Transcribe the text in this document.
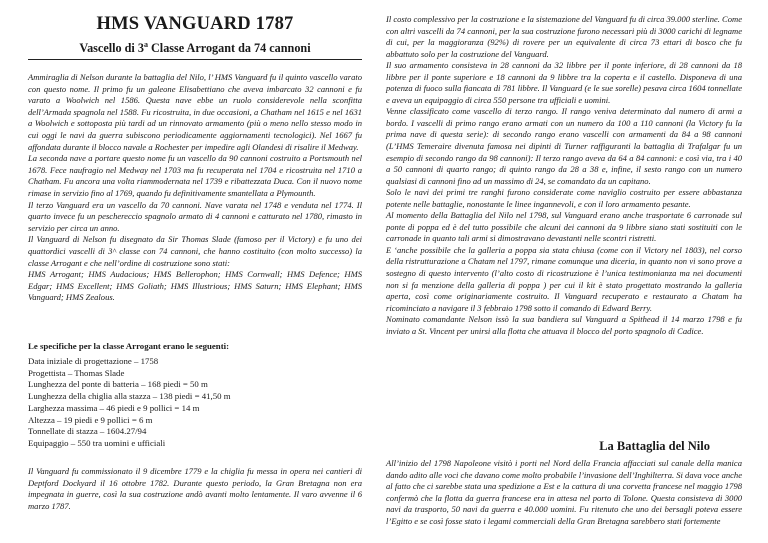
HMS VANGUARD 1787
Vascello di 3$^a$ Classe Arrogant da 74 cannoni

Ammiraglia di Nelson durante la battaglia del Nilo, l’ HMS Vanguard fu il quinto vascello varato con questo nome. Il primo fu un galeone Elisabettiano che aveva imbarcato 32 cannoni e fu varato a Woolwich nel 1586. Questa nave ebbe un ruolo considerevole nella sconfitta dell’Armada spagnola nel 1588. Fu ricostruita, in due occasioni, a Chatham nel 1615 e nel 1631 a Woolwich e sottoposta più tardi ad un rinnovato armamento (più o meno nello stesso modo in cui oggi le navi da guerra subiscono periodicamente aggiornamenti tecnologici). Nel 1667 fu affondata durante il blocco navale a Rochester per impedire agli Olandesi di risalire il Medway.

La seconda nave a portare questo nome fu un vascello da 90 cannoni costruito a Portsmouth nel 1678. Fece naufragio nel Medway nel 1703 ma fu recuperata nel 1704 e ricostruita nel 1710 a Chatham. Fu ancora una volta riammodernata nel 1739 e ribattezzata Duca. Con il nuovo nome rimase in servizio fino al 1769, quando fu definitivamente smantellata a Plymounth.

Il terzo Vanguard era un vascello da 70 cannoni. Nave varata nel 1748 e venduta nel 1774. Il quarto invece fu un peschereccio spagnolo armato di 4 cannoni e catturato nel 1780, rimasto in servizio per circa un anno.

Il Vanguard di Nelson fu disegnato da Sir Thomas Slade (famoso per il Victory) e fu uno dei quattordici vascelli di 3^ classe con 74 cannoni, che hanno costituito (con molto successo) la classe Arrogant e che nell’ordine di costruzione sono stati:

HMS Arrogant; HMS Audacious; HMS Bellerophon; HMS Cornwall; HMS Defence; HMS Edgar; HMS Excellent; HMS Goliath; HMS Illustrious; HMS Saturn; HMS Elephant; HMS Vanguard; HMS Zealous.

Le specifiche per la classe Arrogant erano le seguenti:
Data iniziale di progettazione – 1758
Progettista – Thomas Slade
Lunghezza del ponte di batteria – 168 piedi = 50 m
Lunghezza della chiglia alla stazza – 138 piedi = 41,50 m
Larghezza massima – 46 piedi e 9 pollici = 14 m
Altezza – 19 piedi e 9 pollici = 6 m
Tonnellate di stazza – 1604.27/94
Equipaggio – 550 tra uomini e ufficiali

Il Vanguard fu commissionato il 9 dicembre 1779 e la chiglia fu messa in opera nei cantieri di Deptford Dockyard il 16 ottobre 1782. Durante questo periodo, la Gran Bretagna non era impegnata in guerre, così la sua costruzione andò avanti molto lentamente. Il varo avvenne il 6 marzo 1787.

Il costo complessivo per la costruzione e la sistemazione del Vanguard fu di circa 39.000 sterline. Come con altri vascelli da 74 cannoni, per la sua costruzione furono necessari più di 3000 carichi di legname di cui, per la maggioranza (92%) di rovere per un equivalente di circa 73 ettari di bosco che fu abbattuto solo per la costruzione del Vanguard.

Il suo armamento consisteva in 28 cannoni da 32 libbre per il ponte inferiore, di 28 cannoni da 18 libbre per il ponte superiore e 18 cannoni da 9 libbre tra la coperta e il castello. Disponeva di una potenza di fuoco sulla fiancata di 781 libbre. Il Vanguard (e le sue sorelle) pesava circa 1604 tonnellate e aveva un equipaggio di circa 550 persone tra ufficiali e uomini.

Venne classificato come vascello di terzo rango. Il rango veniva determinato dal numero di armi a bordo. I vascelli di primo rango erano armati con un numero da 100 a 110 cannoni (la Victory fu la prima nave di questa serie): di secondo rango erano vascelli con armamenti da 84 a 98 cannoni (L’HMS Temeraire divenuta famosa nei dipinti di Turner raffiguranti la battaglia di Trafalgar fu un esempio di secondo rango da 98 cannoni): Il terzo rango aveva da 64 a 84 cannoni: e così via, tra i 40 a 50 cannoni di quarto rango; di quinto rango da 28 a 38 e, infine, il sesto rango con un numero qualsiasi di cannoni fino ad un massimo di 24, se comandato da un capitano.

Solo le navi dei primi tre ranghi furono considerate come naviglio costruito per essere abbastanza potente nelle battaglie, nonostante le linee ingannevoli, e con il loro armamento pesante.

Al momento della Battaglia del Nilo nel 1798, sul Vanguard erano anche trasportate 6 carronade sul ponte di poppa ed è del tutto possibile che alcuni dei cannoni da 9 libbre siano stati sostituiti con le carronade in quanto tali armi si dimostravano devastanti nelle scontri ristretti.

E ‘anche possibile che la galleria a poppa sia stata chiusa (come con il Victory nel 1803), nel corso della ristrutturazione a Chatam nel 1797, rimane comunque una diceria, in quanto non vi sono prove a sostegno di questo intervento (l’alto costo di ricostruzione è l’unica testimonianza ma nei documenti non si fa menzione della galleria di poppa ) per cui il kit è stato progettato mostrando la galleria aperta, così come originariamente costruito. Il Vanguard recuperato e restaurato a Chatam ha ricominciato a navigare il 3 febbraio 1798 sotto il comando di Edward Berry.

Nominato comandante Nelson issò la sua bandiera sul Vanguard a Spithead il 14 marzo 1798 e fu inviato a St. Vincent per unirsi alla flotta che attuava il blocco del porto spagnolo di Cadice.

La Battaglia del Nilo

All’inizio del 1798 Napoleone visitò i porti nel Nord della Francia affacciati sul canale della manica dando adito alle voci che davano come molto probabile l’invasione dell’Inghilterra. Si dava voce anche al fatto che ci sarebbe stata una spedizione a Est e la cattura di una corvetta francese nel maggio 1798 confermò che la flotta da guerra francese era in attesa nel porto di Tolone. Questa consisteva di 3000 navi da trasporto, 50 navi da guerra e 40.000 uomini. Fu ritenuto che uno dei bersagli poteva essere l’Egitto e se così fosse stato i legami commerciali della Gran Bretagna sarebbero stati fortemente
